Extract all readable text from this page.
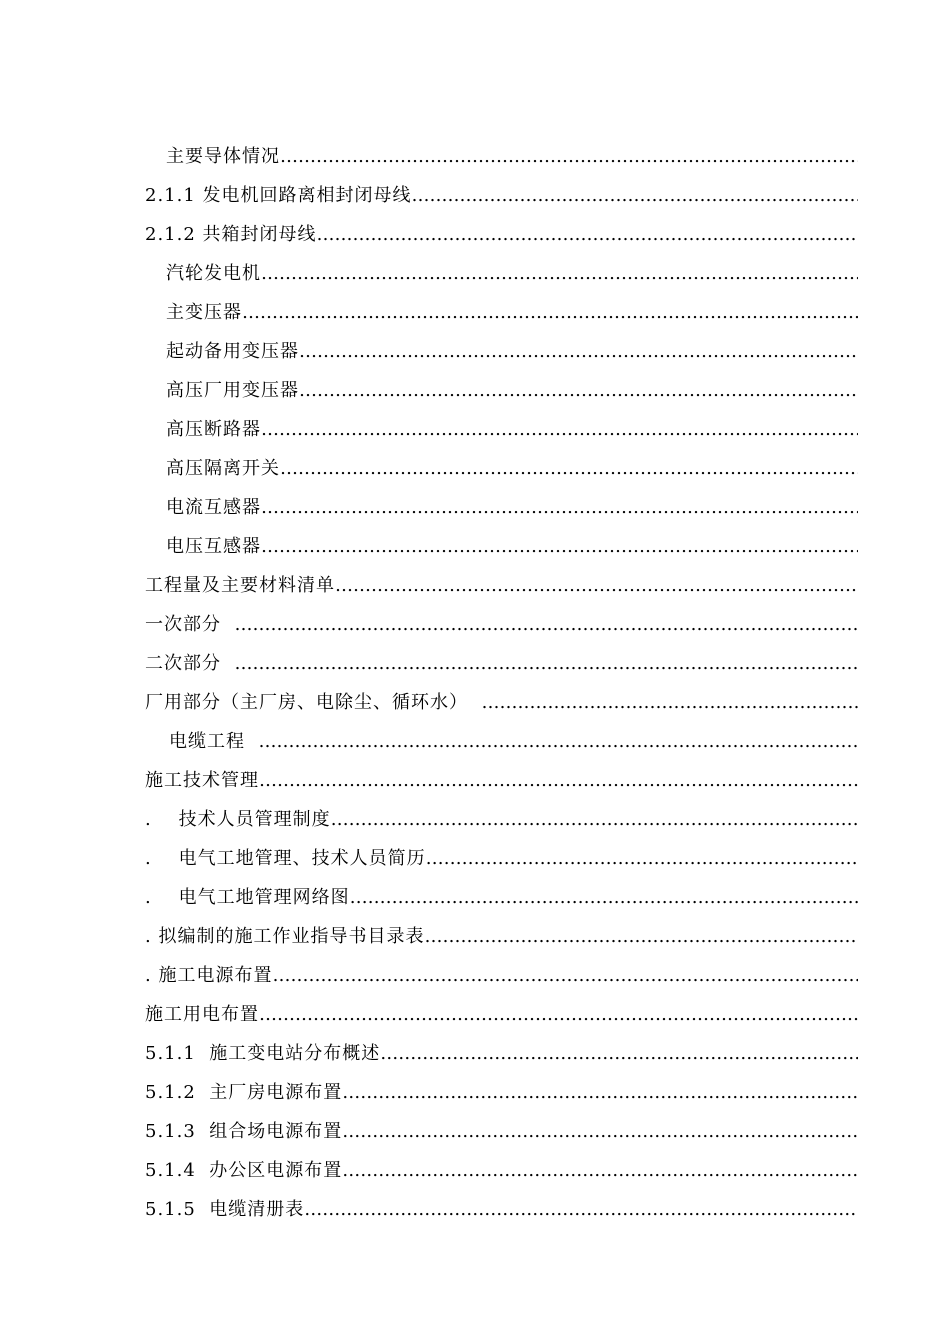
主要导体情况
…………………………………………………………………………………………………………………………………………………………………………
2.1.1 发电机回路离相封闭母线
…………………………………………………………………………………………………………………………………………………………………………
2.1.2 共箱封闭母线
…………………………………………………………………………………………………………………………………………………………………………
汽轮发电机
…………………………………………………………………………………………………………………………………………………………………………
主变压器
…………………………………………………………………………………………………………………………………………………………………………
起动备用变压器
…………………………………………………………………………………………………………………………………………………………………………
高压厂用变压器
…………………………………………………………………………………………………………………………………………………………………………
高压断路器
…………………………………………………………………………………………………………………………………………………………………………
高压隔离开关
…………………………………………………………………………………………………………………………………………………………………………
电流互感器
…………………………………………………………………………………………………………………………………………………………………………
电压互感器
…………………………………………………………………………………………………………………………………………………………………………
工程量及主要材料清单
…………………………………………………………………………………………………………………………………………………………………………
一次部分
…………………………………………………………………………………………………………………………………………………………………………
二次部分
…………………………………………………………………………………………………………………………………………………………………………
厂用部分（主厂房、电除尘、循环水）
…………………………………………………………………………………………………………………………………………………………………………
电缆工程
…………………………………………………………………………………………………………………………………………………………………………
施工技术管理
…………………………………………………………………………………………………………………………………………………………………………
.    技术人员管理制度
…………………………………………………………………………………………………………………………………………………………………………
.    电气工地管理、技术人员简历
…………………………………………………………………………………………………………………………………………………………………………
.    电气工地管理网络图
…………………………………………………………………………………………………………………………………………………………………………
. 拟编制的施工作业指导书目录表
…………………………………………………………………………………………………………………………………………………………………………
. 施工电源布置
…………………………………………………………………………………………………………………………………………………………………………
施工用电布置
…………………………………………………………………………………………………………………………………………………………………………
5.1.1  施工变电站分布概述
…………………………………………………………………………………………………………………………………………………………………………
5.1.2  主厂房电源布置
…………………………………………………………………………………………………………………………………………………………………………
5.1.3  组合场电源布置
…………………………………………………………………………………………………………………………………………………………………………
5.1.4  办公区电源布置
…………………………………………………………………………………………………………………………………………………………………………
5.1.5  电缆清册表
…………………………………………………………………………………………………………………………………………………………………………
